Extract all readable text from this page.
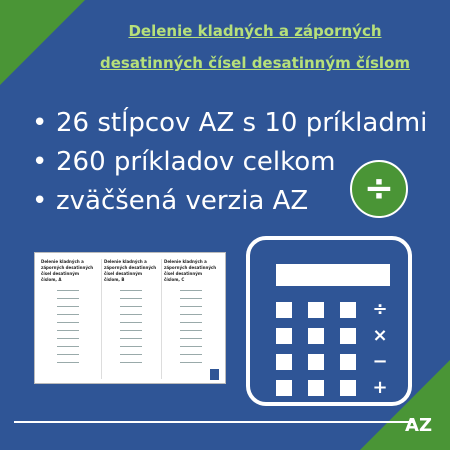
Delenie kladných a záporných
desatinných čísel desatinným číslom
• 26 stĺpcov AZ s 10 príkladmi
• 260 príkladov celkom
• zväčšená verzia AZ	÷
Delenie kladných a záporných desatinných čísel desatinným číslom, A
Delenie kladných a záporných desatinných čísel desatinným číslom, B
Delenie kladných a záporných desatinných čísel desatinným číslom, C
÷
×
−
+
AZ
